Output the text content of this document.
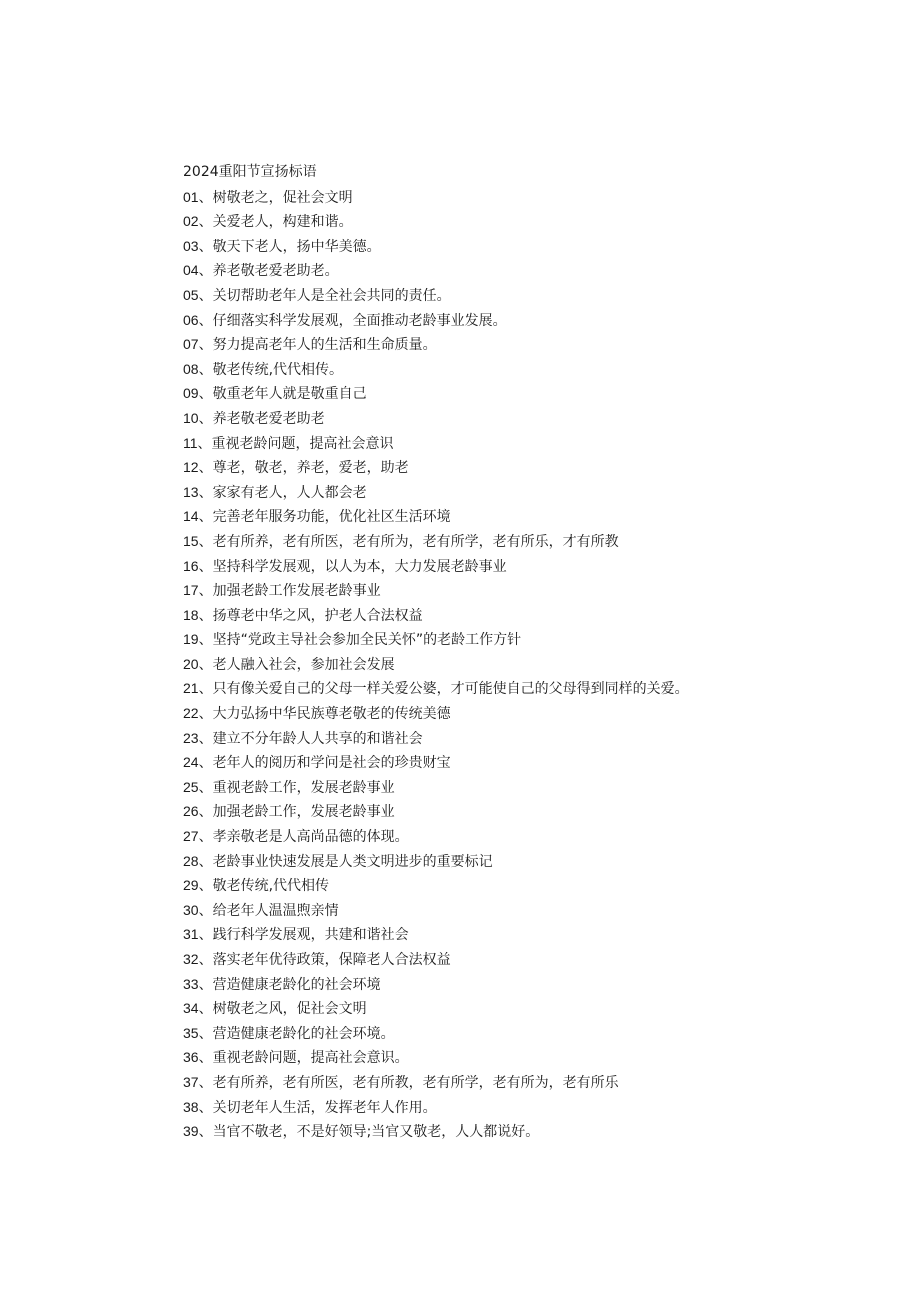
2024重阳节宣扬标语
01、树敬老之，促社会文明
02、关爱老人，构建和谐。
03、敬天下老人，扬中华美德。
04、养老敬老爱老助老。
05、关切帮助老年人是全社会共同的责任。
06、仔细落实科学发展观，全面推动老龄事业发展。
07、努力提高老年人的生活和生命质量。
08、敬老传统,代代相传。
09、敬重老年人就是敬重自己
10、养老敬老爱老助老
11、重视老龄问题，提高社会意识
12、尊老，敬老，养老，爱老，助老
13、家家有老人，人人都会老
14、完善老年服务功能，优化社区生活环境
15、老有所养，老有所医，老有所为，老有所学，老有所乐，才有所教
16、坚持科学发展观，以人为本，大力发展老龄事业
17、加强老龄工作发展老龄事业
18、扬尊老中华之风，护老人合法权益
19、坚持“党政主导社会参加全民关怀”的老龄工作方针
20、老人融入社会，参加社会发展
21、只有像关爱自己的父母一样关爱公婆，才可能使自己的父母得到同样的关爱。
22、大力弘扬中华民族尊老敬老的传统美德
23、建立不分年龄人人共享的和谐社会
24、老年人的阅历和学问是社会的珍贵财宝
25、重视老龄工作，发展老龄事业
26、加强老龄工作，发展老龄事业
27、孝亲敬老是人高尚品德的体现。
28、老龄事业快速发展是人类文明进步的重要标记
29、敬老传统,代代相传
30、给老年人温温煦亲情
31、践行科学发展观，共建和谐社会
32、落实老年优待政策，保障老人合法权益
33、营造健康老龄化的社会环境
34、树敬老之风，促社会文明
35、营造健康老龄化的社会环境。
36、重视老龄问题，提高社会意识。
37、老有所养，老有所医，老有所教，老有所学，老有所为，老有所乐
38、关切老年人生活，发挥老年人作用。
39、当官不敬老，不是好领导;当官又敬老，人人都说好。
